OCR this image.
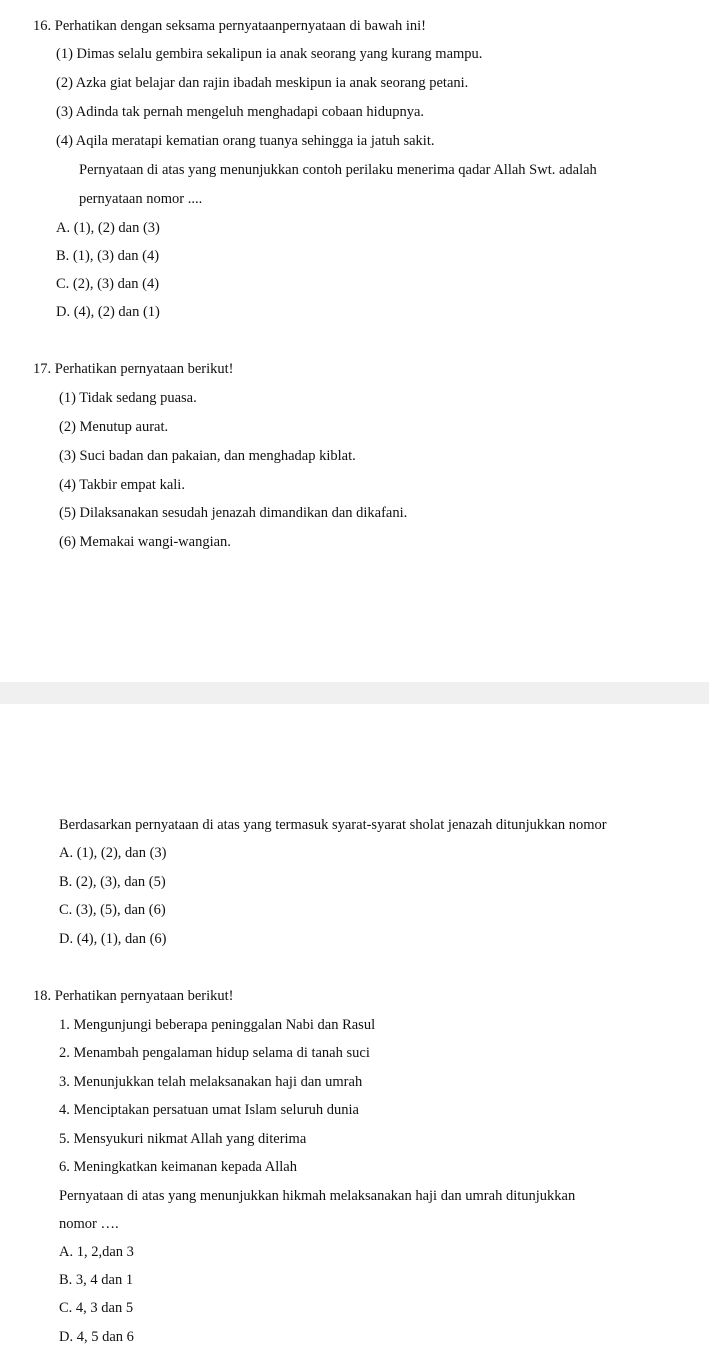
16. Perhatikan dengan seksama pernyataanpernyataan di bawah ini!
(1) Dimas selalu gembira sekalipun ia anak seorang yang kurang mampu.
(2) Azka giat belajar dan rajin ibadah meskipun ia anak seorang petani.
(3) Adinda tak pernah mengeluh menghadapi cobaan hidupnya.
(4) Aqila meratapi kematian orang tuanya sehingga ia jatuh sakit.
Pernyataan di atas yang menunjukkan contoh perilaku menerima qadar Allah Swt. adalah
pernyataan nomor ....
A. (1), (2) dan (3)
B. (1), (3) dan (4)
C. (2), (3) dan (4)
D. (4), (2) dan (1)
17. Perhatikan pernyataan berikut!
(1) Tidak sedang puasa.
(2) Menutup aurat.
(3) Suci badan dan pakaian, dan menghadap kiblat.
(4) Takbir empat kali.
(5) Dilaksanakan sesudah jenazah dimandikan dan dikafani.
(6) Memakai wangi-wangian.
Berdasarkan pernyataan di atas yang termasuk syarat-syarat sholat jenazah ditunjukkan nomor
A. (1), (2), dan (3)
B. (2), (3), dan (5)
C. (3), (5), dan (6)
D. (4), (1), dan (6)
18. Perhatikan pernyataan berikut!
1. Mengunjungi beberapa peninggalan Nabi dan Rasul
2. Menambah pengalaman hidup selama di tanah suci
3. Menunjukkan telah melaksanakan haji dan umrah
4. Menciptakan persatuan umat Islam seluruh dunia
5. Mensyukuri nikmat Allah yang diterima
6. Meningkatkan keimanan kepada Allah
Pernyataan di atas yang menunjukkan hikmah melaksanakan haji dan umrah ditunjukkan
nomor ….
A. 1, 2,dan 3
B. 3, 4 dan 1
C. 4, 3 dan 5
D. 4, 5 dan 6
